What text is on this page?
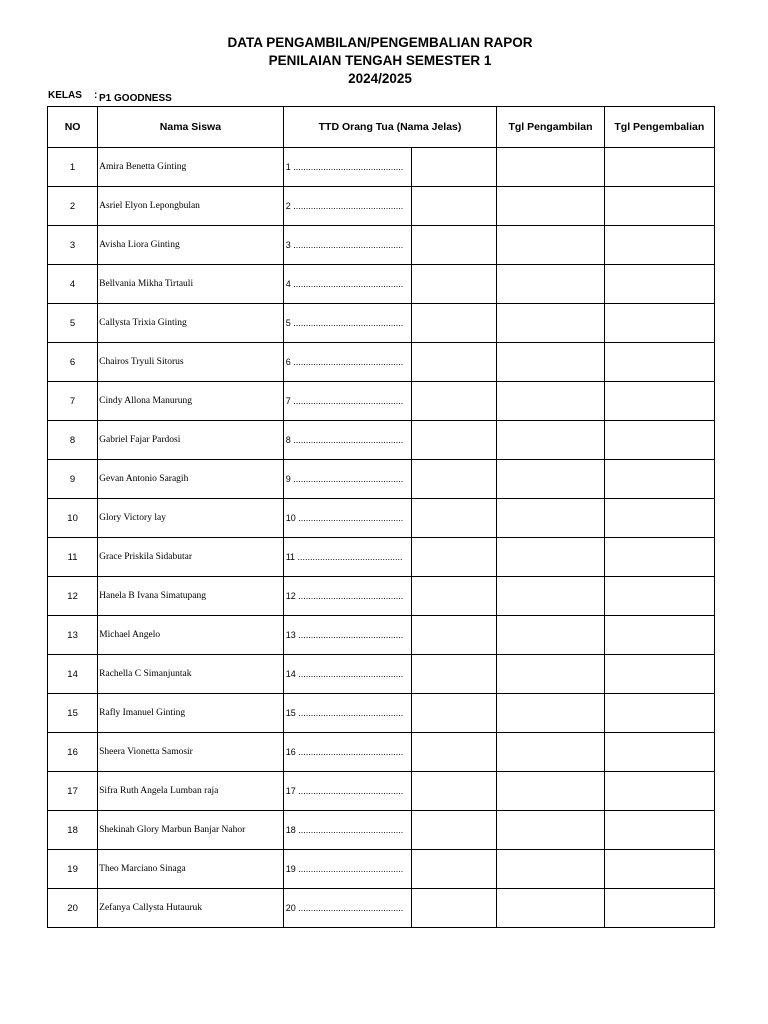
DATA PENGAMBILAN/PENGEMBALIAN RAPOR
PENILAIAN TENGAH SEMESTER 1
2024/2025
KELAS : P1 GOODNESS
NO	Nama Siswa	TTD Orang Tua (Nama Jelas)		Tgl Pengambilan	Tgl Pengembalian
1	Amira Benetta Ginting	1 ............................................			
2	Asriel Elyon Lepongbulan	2 ............................................			
3	Avisha Liora Ginting	3 ............................................			
4	Bellvania Mikha Tirtauli	4 ............................................			
5	Callysta Trixia Ginting	5 ............................................			
6	Chairos Tryuli Sitorus	6 ............................................			
7	Cindy Allona Manurung	7 ............................................			
8	Gabriel Fajar Pardosi	8 ............................................			
9	Gevan Antonio Saragih	9 ............................................			
10	Glory Victory lay	10 ..........................................			
11	Grace Priskila Sidabutar	11 ..........................................			
12	Hanela B Ivana Simatupang	12 ..........................................			
13	Michael Angelo	13 ..........................................			
14	Rachella C Simanjuntak	14 ..........................................			
15	Rafly Imanuel Ginting	15 ..........................................			
16	Sheera Vionetta Samosir	16 ..........................................			
17	Sifra Ruth Angela Lumban raja	17 ..........................................			
18	Shekinah Glory Marbun Banjar Nahor	18 ..........................................			
19	Theo Marciano Sinaga	19 ..........................................			
20	Zefanya Callysta Hutauruk	20 ..........................................			
